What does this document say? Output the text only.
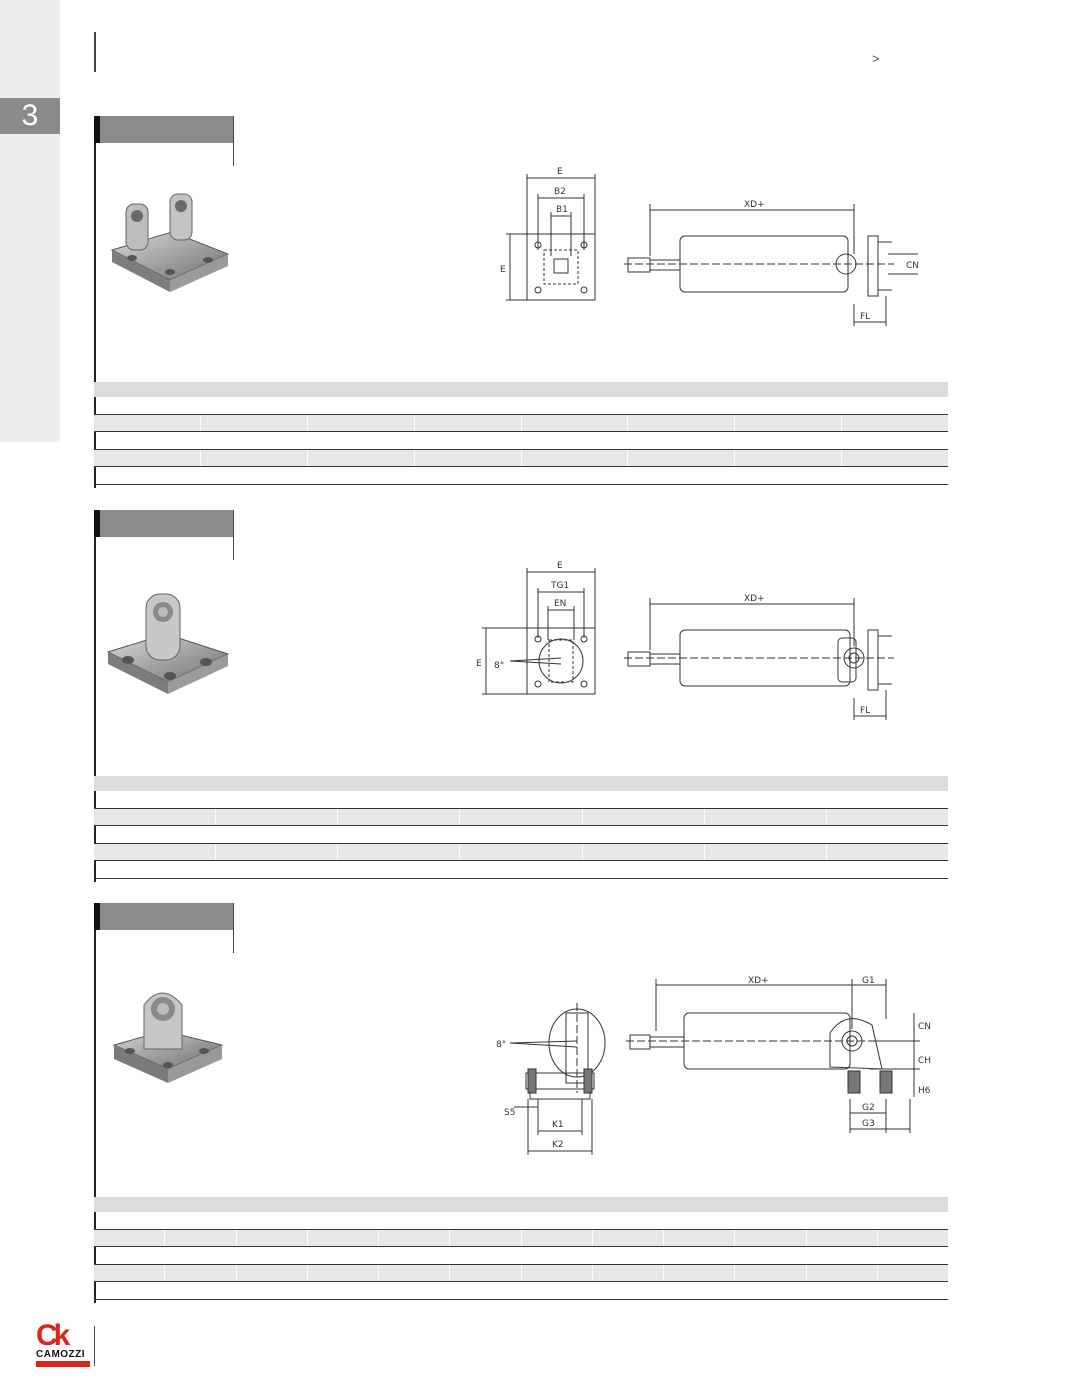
3
>
E
B2
B1
E
XD+
CN
FL
E
TG1
EN
E 8°
XD+
FL
8°
S5
K1
K2
XD+	G1
CN
CH
H6
G2
G3
Ck
CAMOZZI
